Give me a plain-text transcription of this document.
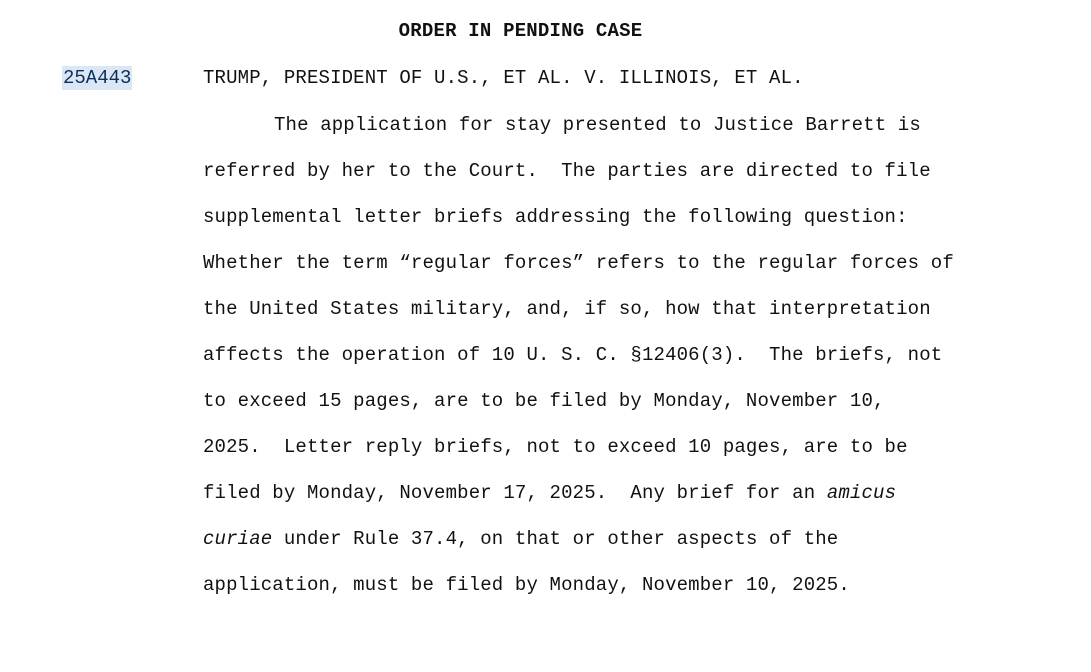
ORDER IN PENDING CASE
25A443	TRUMP, PRESIDENT OF U.S., ET AL. V. ILLINOIS, ET AL.
The application for stay presented to Justice Barrett is
referred by her to the Court.  The parties are directed to file
supplemental letter briefs addressing the following question:
Whether the term “regular forces” refers to the regular forces of
the United States military, and, if so, how that interpretation
affects the operation of 10 U. S. C. §12406(3).  The briefs, not
to exceed 15 pages, are to be filed by Monday, November 10,
2025.  Letter reply briefs, not to exceed 10 pages, are to be
filed by Monday, November 17, 2025.  Any brief for an amicus
curiae under Rule 37.4, on that or other aspects of the
application, must be filed by Monday, November 10, 2025.
